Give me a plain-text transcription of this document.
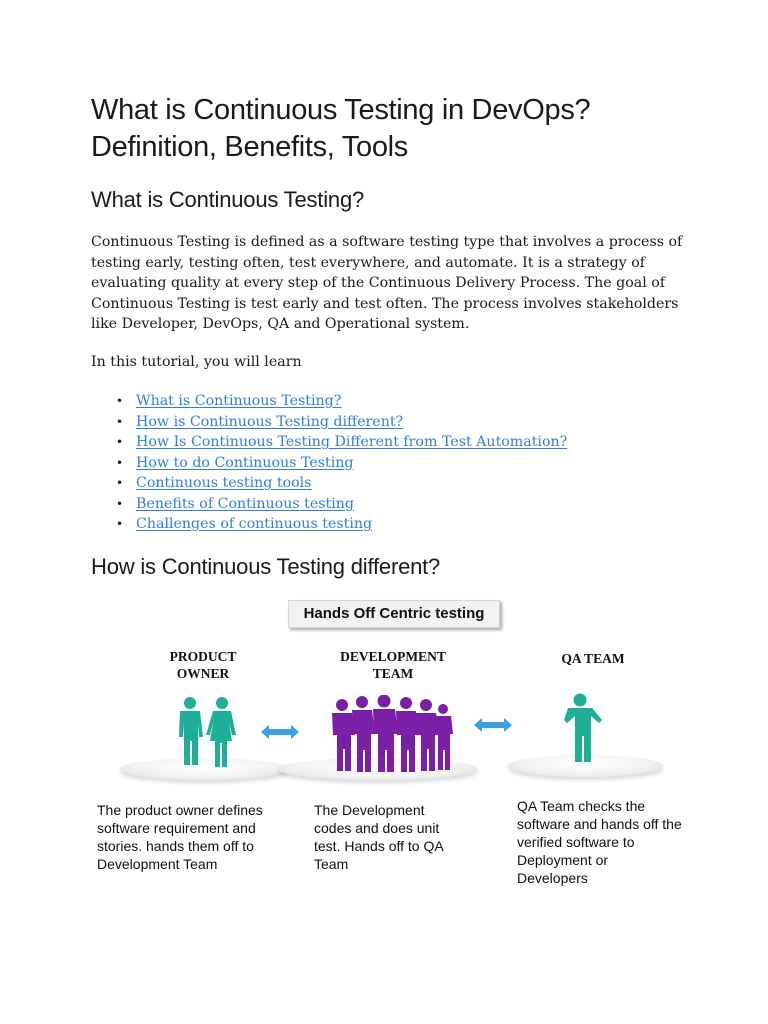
What is Continuous Testing in DevOps? Definition, Benefits, Tools
What is Continuous Testing?

Continuous Testing is defined as a software testing type that involves a process of testing early, testing often, test everywhere, and automate. It is a strategy of evaluating quality at every step of the Continuous Delivery Process. The goal of Continuous Testing is test early and test often. The process involves stakeholders like Developer, DevOps, QA and Operational system.

In this tutorial, you will learn

• What is Continuous Testing?
• How is Continuous Testing different?
• How Is Continuous Testing Different from Test Automation?
• How to do Continuous Testing
• Continuous testing tools
• Benefits of Continuous testing
• Challenges of continuous testing
How is Continuous Testing different?
Hands Off Centric testing
PRODUCT
OWNER
DEVELOPMENT
TEAM
QA TEAM

The product owner defines software requirement and stories. hands them off to Development Team

The Development codes and does unit test. Hands off to QA Team

QA Team checks the software and hands off the verified software to Deployment or Developers
